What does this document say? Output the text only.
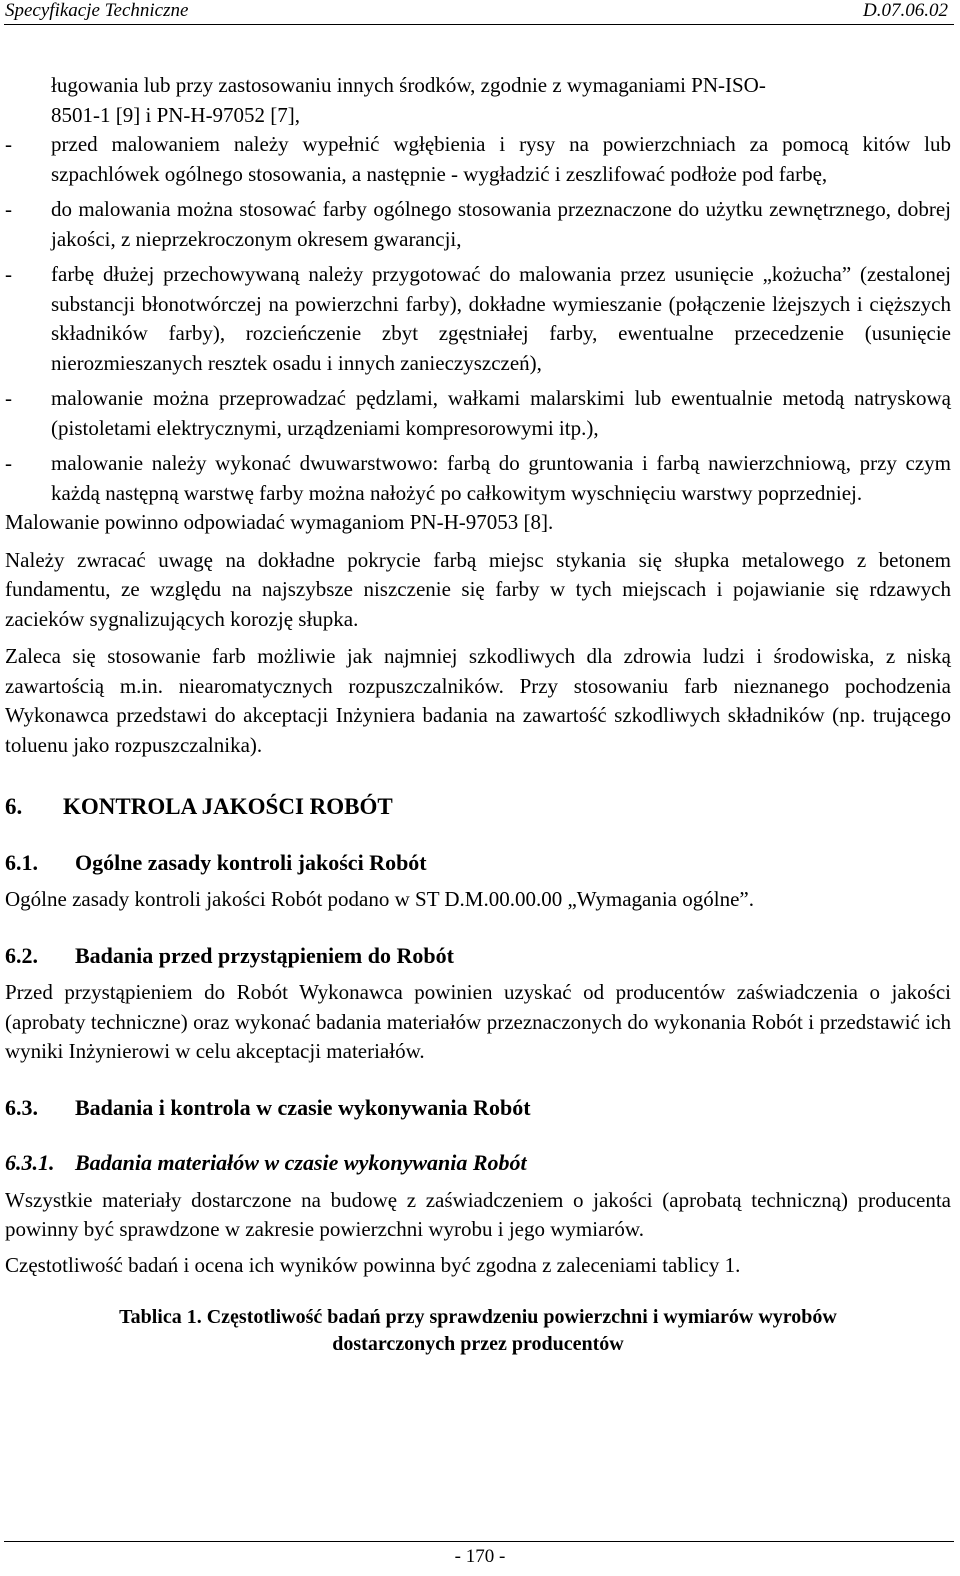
Specyfikacje Techniczne	D.07.06.02
ługowania lub przy zastosowaniu innych środków, zgodnie z wymaganiami PN-ISO-
8501-1 [9] i PN-H-97052 [7],
- przed malowaniem należy wypełnić wgłębienia i rysy na powierzchniach za pomocą kitów lub szpachlówek ogólnego stosowania, a następnie - wygładzić i zeszlifować podłoże pod farbę,
- do malowania można stosować farby ogólnego stosowania przeznaczone do użytku zewnętrznego, dobrej jakości, z nieprzekroczonym okresem gwarancji,
- farbę dłużej przechowywaną należy przygotować do malowania przez usunięcie „kożucha” (zestalonej substancji błonotwórczej na powierzchni farby), dokładne wymieszanie (połączenie lżejszych i cięższych składników farby), rozcieńczenie zbyt zgęstniałej farby, ewentualne przecedzenie (usunięcie nierozmieszanych resztek osadu i innych zanieczyszczeń),
- malowanie można przeprowadzać pędzlami, wałkami malarskimi lub ewentualnie metodą natryskową (pistoletami elektrycznymi, urządzeniami kompresorowymi itp.),
- malowanie należy wykonać dwuwarstwowo: farbą do gruntowania i farbą nawierzchniową, przy czym każdą następną warstwę farby można nałożyć po całkowitym wyschnięciu warstwy poprzedniej.

Malowanie powinno odpowiadać wymaganiom PN-H-97053 [8].

Należy zwracać uwagę na dokładne pokrycie farbą miejsc stykania się słupka metalowego z betonem fundamentu, ze względu na najszybsze niszczenie się farby w tych miejscach i pojawianie się rdzawych zacieków sygnalizujących korozję słupka.

Zaleca się stosowanie farb możliwie jak najmniej szkodliwych dla zdrowia ludzi i środowiska, z niską zawartością m.in. niearomatycznych rozpuszczalników. Przy stosowaniu farb nieznanego pochodzenia Wykonawca przedstawi do akceptacji Inżyniera badania na zawartość szkodliwych składników (np. trującego toluenu jako rozpuszczalnika).

6.	KONTROLA JAKOŚCI ROBÓT
6.1.	Ogólne zasady kontroli jakości Robót

Ogólne zasady kontroli jakości Robót podano w ST D.M.00.00.00 „Wymagania ogólne”.

6.2.	Badania przed przystąpieniem do Robót

Przed przystąpieniem do Robót Wykonawca powinien uzyskać od producentów zaświadczenia o jakości (aprobaty techniczne) oraz wykonać badania materiałów przeznaczonych do wykonania Robót i przedstawić ich wyniki Inżynierowi w celu akceptacji materiałów.

6.3.	Badania i kontrola w czasie wykonywania Robót
6.3.1. Badania materiałów w czasie wykonywania Robót

Wszystkie materiały dostarczone na budowę z zaświadczeniem o jakości (aprobatą techniczną) producenta powinny być sprawdzone w zakresie powierzchni wyrobu i jego wymiarów.

Częstotliwość badań i ocena ich wyników powinna być zgodna z zaleceniami tablicy 1.

Tablica 1. Częstotliwość badań przy sprawdzeniu powierzchni i wymiarów wyrobów
dostarczonych przez producentów
- 170 -
